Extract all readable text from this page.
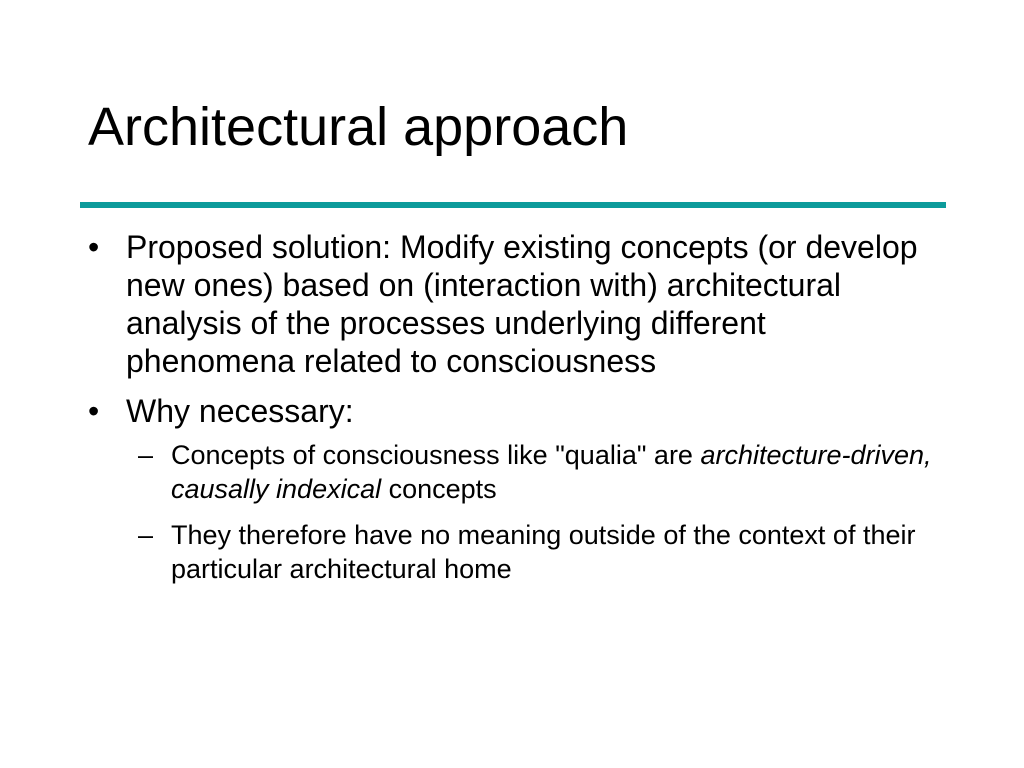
Architectural approach
• Proposed solution: Modify existing concepts (or develop new ones) based on (interaction with) architectural analysis of the processes underlying different phenomena related to consciousness
• Why necessary:
– Concepts of consciousness like "qualia" are architecture-driven, causally indexical concepts
– They therefore have no meaning outside of the context of their particular architectural home
